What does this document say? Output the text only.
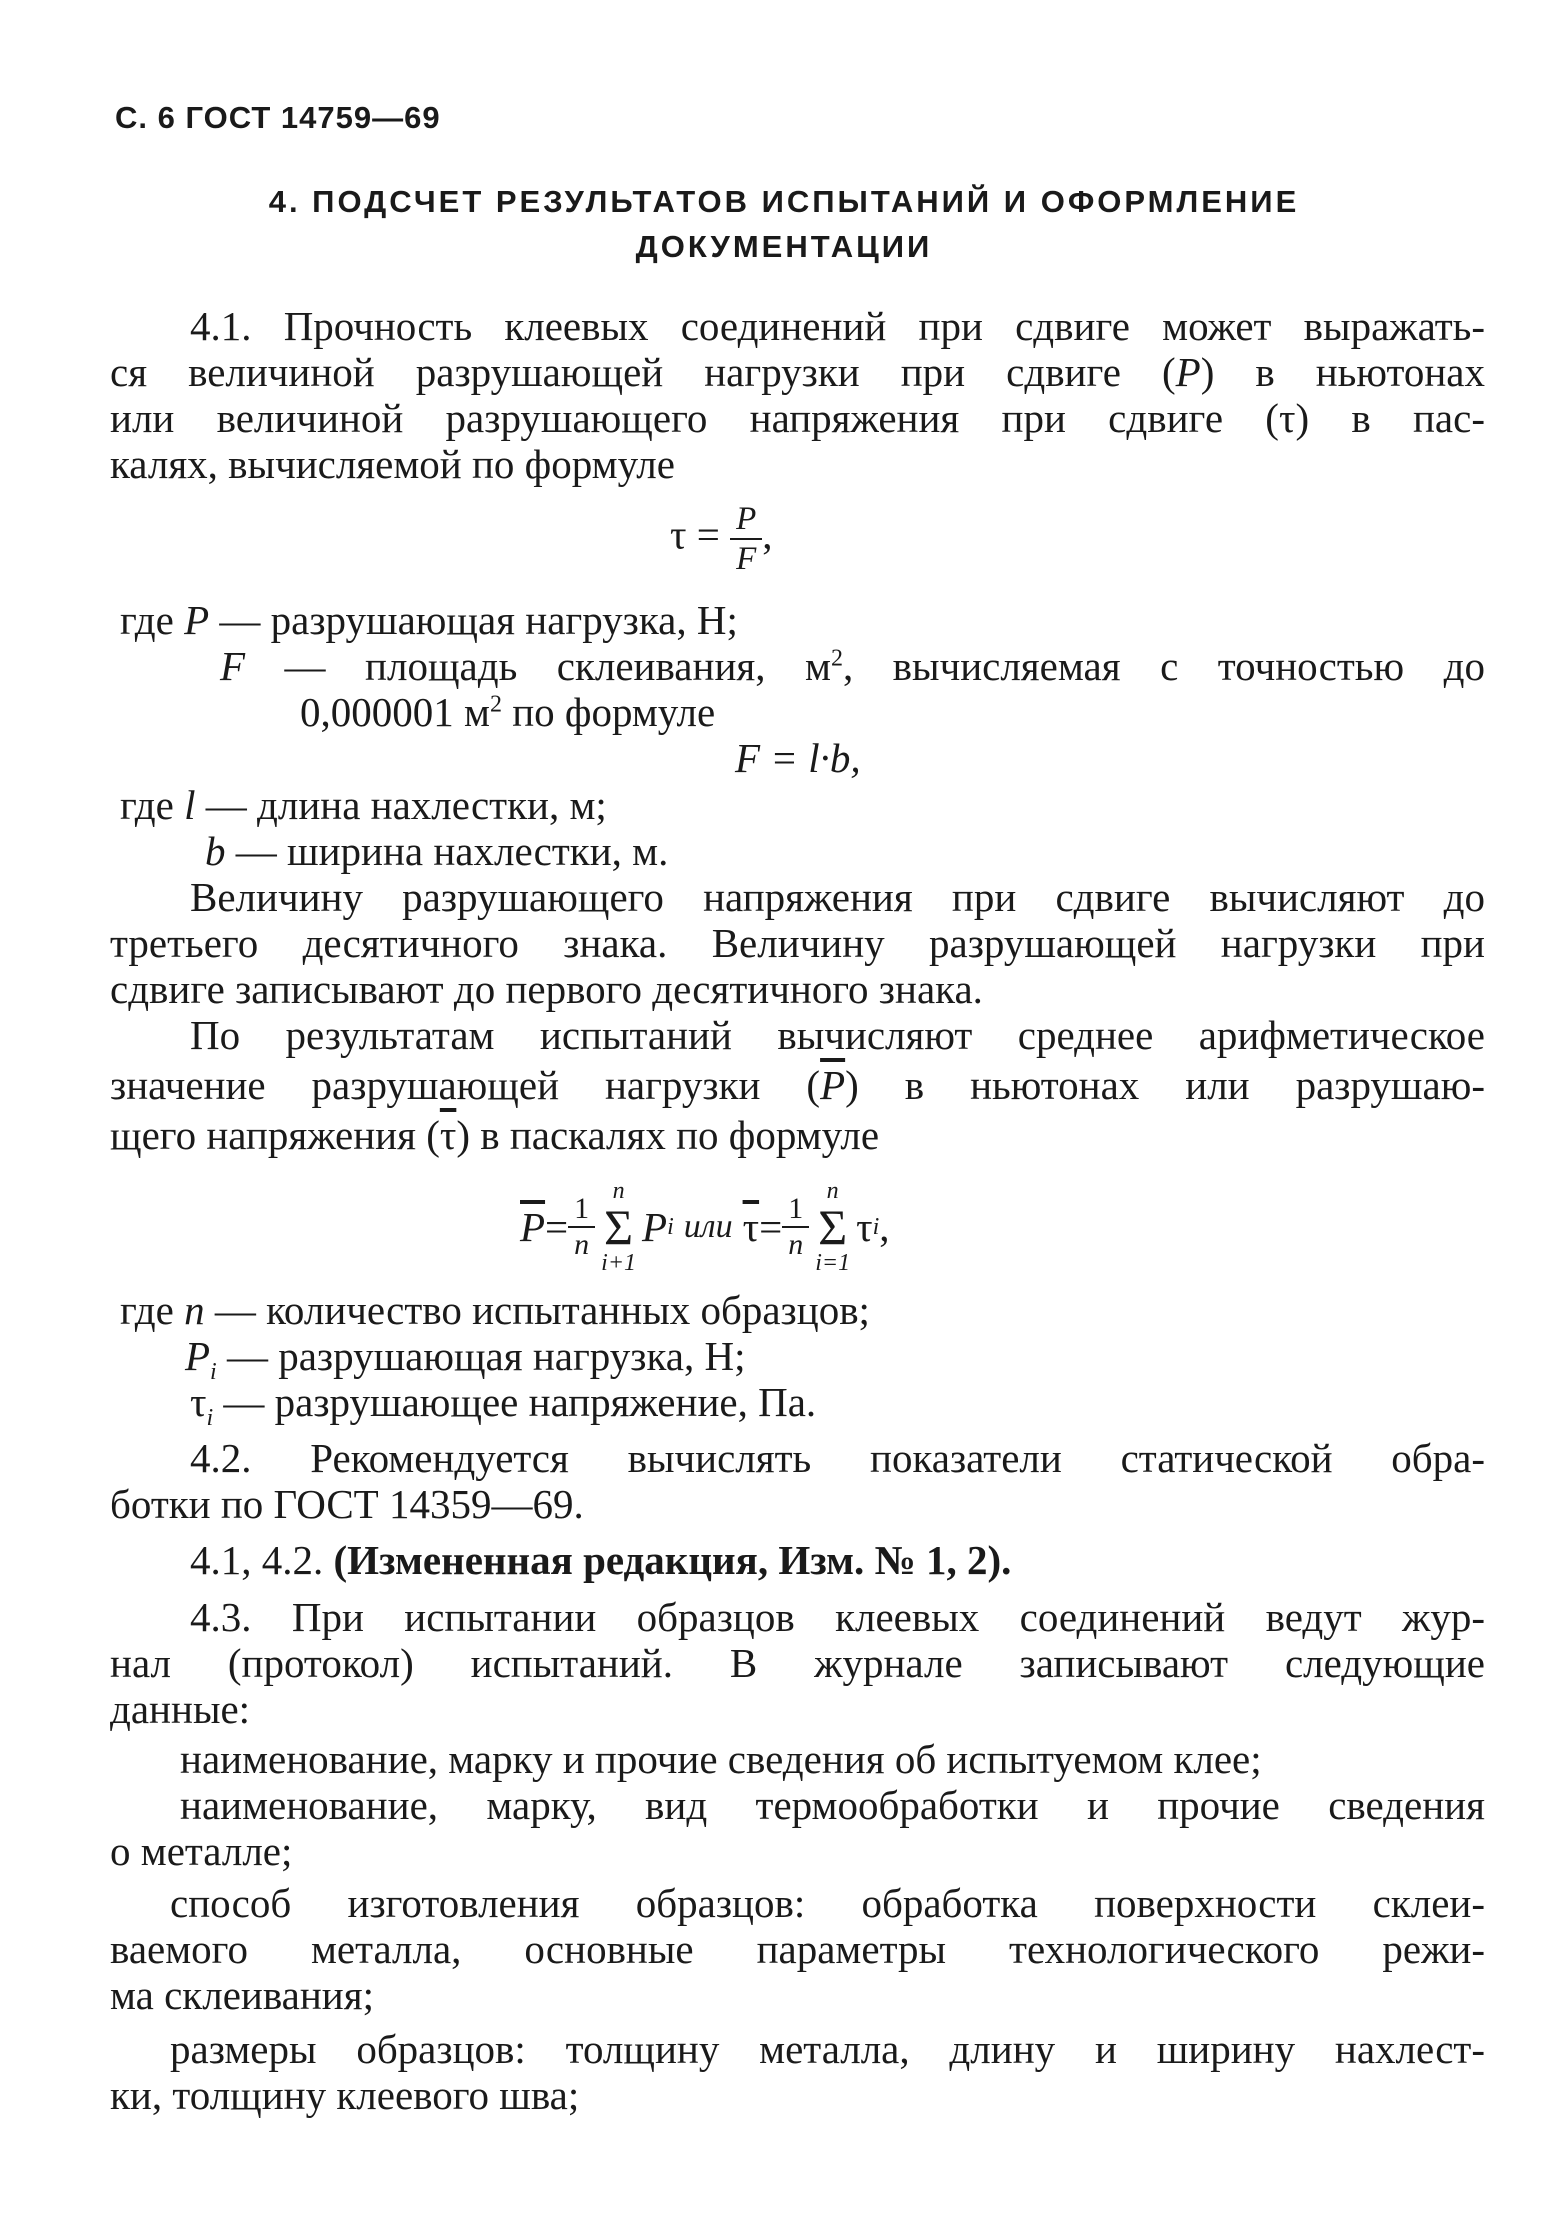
С. 6 ГОСТ 14759—69
4. ПОДСЧЕТ РЕЗУЛЬТАТОВ ИСПЫТАНИЙ И ОФОРМЛЕНИЕ
ДОКУМЕНТАЦИИ
4.1. Прочность клеевых соединений при сдвиге может выражать-
ся величиной разрушающей нагрузки при сдвиге (P) в ньютонах
или величиной разрушающего напряжения при сдвиге (τ) в пас-
калях, вычисляемой по формуле
$\tau = \frac{P}{F}$ ,
где P — разрушающая нагрузка, Н;
F — площадь склеивания, $м^2$, вычисляемая с точностью до
0,000001 $м^2$ по формуле
F = l·b,
где l — длина нахлестки, м;
b — ширина нахлестки, м.
Величину разрушающего напряжения при сдвиге вычисляют до
третьего десятичного знака. Величину разрушающей нагрузки при
сдвиге записывают до первого десятичного знака.
По результатам испытаний вычисляют среднее арифметическое
значение разрушающей нагрузки $(\overline{P})$ в ньютонах или разрушаю-
щего напряжения $(\overline{\tau})$ в паскалях по формуле
$\overline{P} = \frac{1}{n}$
n
Σ
i+1
P i или $\overline{\tau} = \frac{1}{n}$
n
Σ
i=1
τ i ,
где n — количество испытанных образцов;
$P_i$ — разрушающая нагрузка, Н;
$\tau_i$ — разрушающее напряжение, Па.
4.2. Рекомендуется вычислять показатели статической обра-
ботки по ГОСТ 14359—69.
4.1, 4.2. (Измененная редакция, Изм. № 1, 2).
4.3. При испытании образцов клеевых соединений ведут жур-
нал (протокол) испытаний. В журнале записывают следующие
данные:
наименование, марку и прочие сведения об испытуемом клее;
наименование, марку, вид термообработки и прочие сведения
о металле;
способ изготовления образцов: обработка поверхности склеи-
ваемого металла, основные параметры технологического режи-
ма склеивания;
размеры образцов: толщину металла, длину и ширину нахлест-
ки, толщину клеевого шва;
